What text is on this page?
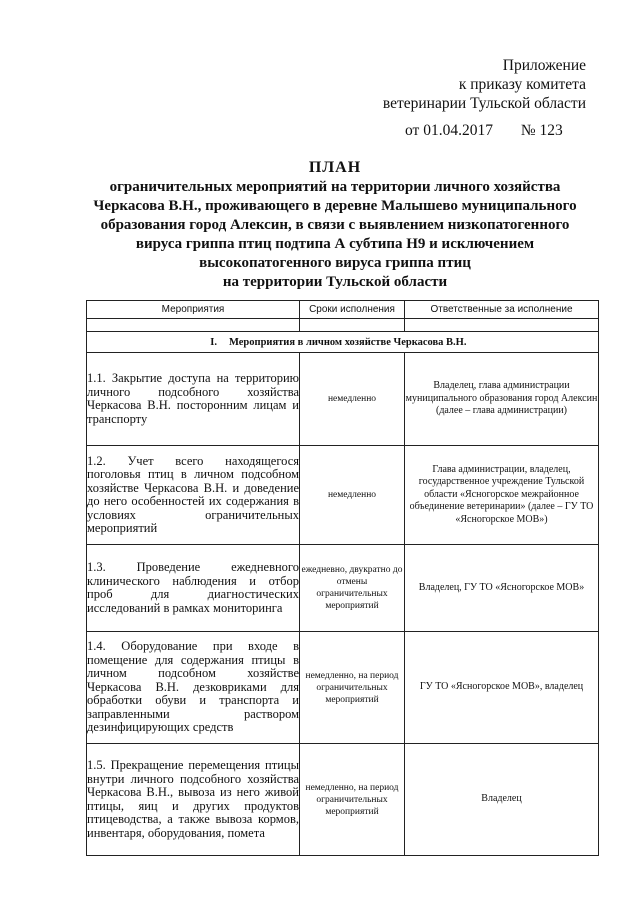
Приложение
к приказу комитета
ветеринарии Тульской области
от 01.04.2017 № 123
ПЛАН
ограничительных мероприятий на территории личного хозяйства
Черкасова В.Н., проживающего в деревне Малышево муниципального
образования город Алексин, в связи с выявлением низкопатогенного
вируса гриппа птиц подтипа А субтипа Н9 и исключением
высокопатогенного вируса гриппа птиц
на территории Тульской области
Мероприятия	Сроки исполнения	Ответственные за исполнение

I. Мероприятия в личном хозяйстве Черкасова В.Н.		

1.1. Закрытие доступа на территорию личного подсобного хозяйства Черкасова В.Н. посторонним лицам и транспорту	немедленно	Владелец, глава администрации муниципального образования город Алексин (далее – глава администрации)

1.2. Учет всего находящегося поголовья птиц в личном подсобном хозяйстве Черкасова В.Н. и доведение до него особенностей их содержания в условиях ограничительных мероприятий	немедленно	Глава администрации, владелец, государственное учреждение Тульской области «Ясногорское межрайонное объединение ветеринарии» (далее – ГУ ТО «Ясногорское МОВ»)

1.3. Проведение ежедневного клинического наблюдения и отбор проб для диагностических исследований в рамках мониторинга	ежедневно, двукратно до отмены ограничительных мероприятий	Владелец, ГУ ТО «Ясногорское МОВ»

1.4. Оборудование при входе в помещение для содержания птицы в личном подсобном хозяйстве Черкасова В.Н. дезковриками для обработки обуви и транспорта и заправленными раствором дезинфицирующих средств	немедленно, на период ограничительных мероприятий	ГУ ТО «Ясногорское МОВ», владелец

1.5. Прекращение перемещения птицы внутри личного подсобного хозяйства Черкасова В.Н., вывоза из него живой птицы, яиц и других продуктов птицеводства, а также вывоза кормов, инвентаря, оборудования, помета	немедленно, на период ограничительных мероприятий	Владелец
